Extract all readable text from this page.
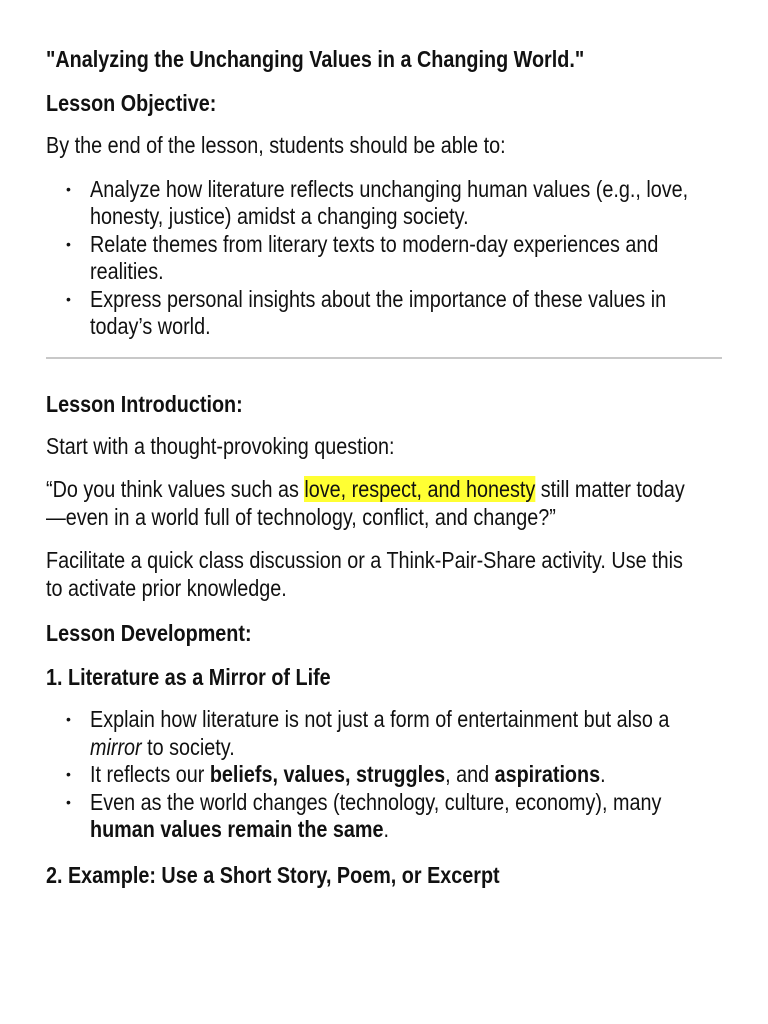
"Analyzing the Unchanging Values in a Changing World."
Lesson Objective:

By the end of the lesson, students should be able to:

• Analyze how literature reflects unchanging human values (e.g., love,
honesty, justice) amidst a changing society.
• Relate themes from literary texts to modern-day experiences and
realities.
• Express personal insights about the importance of these values in
today’s world.
Lesson Introduction:

Start with a thought-provoking question:

“Do you think values such as love, respect, and honesty still matter today
—even in a world full of technology, conflict, and change?”

Facilitate a quick class discussion or a Think-Pair-Share activity. Use this
to activate prior knowledge.

Lesson Development:
1. Literature as a Mirror of Life
• Explain how literature is not just a form of entertainment but also a
mirror to society.
• It reflects our beliefs, values, struggles, and aspirations.
• Even as the world changes (technology, culture, economy), many
human values remain the same.
2. Example: Use a Short Story, Poem, or Excerpt
